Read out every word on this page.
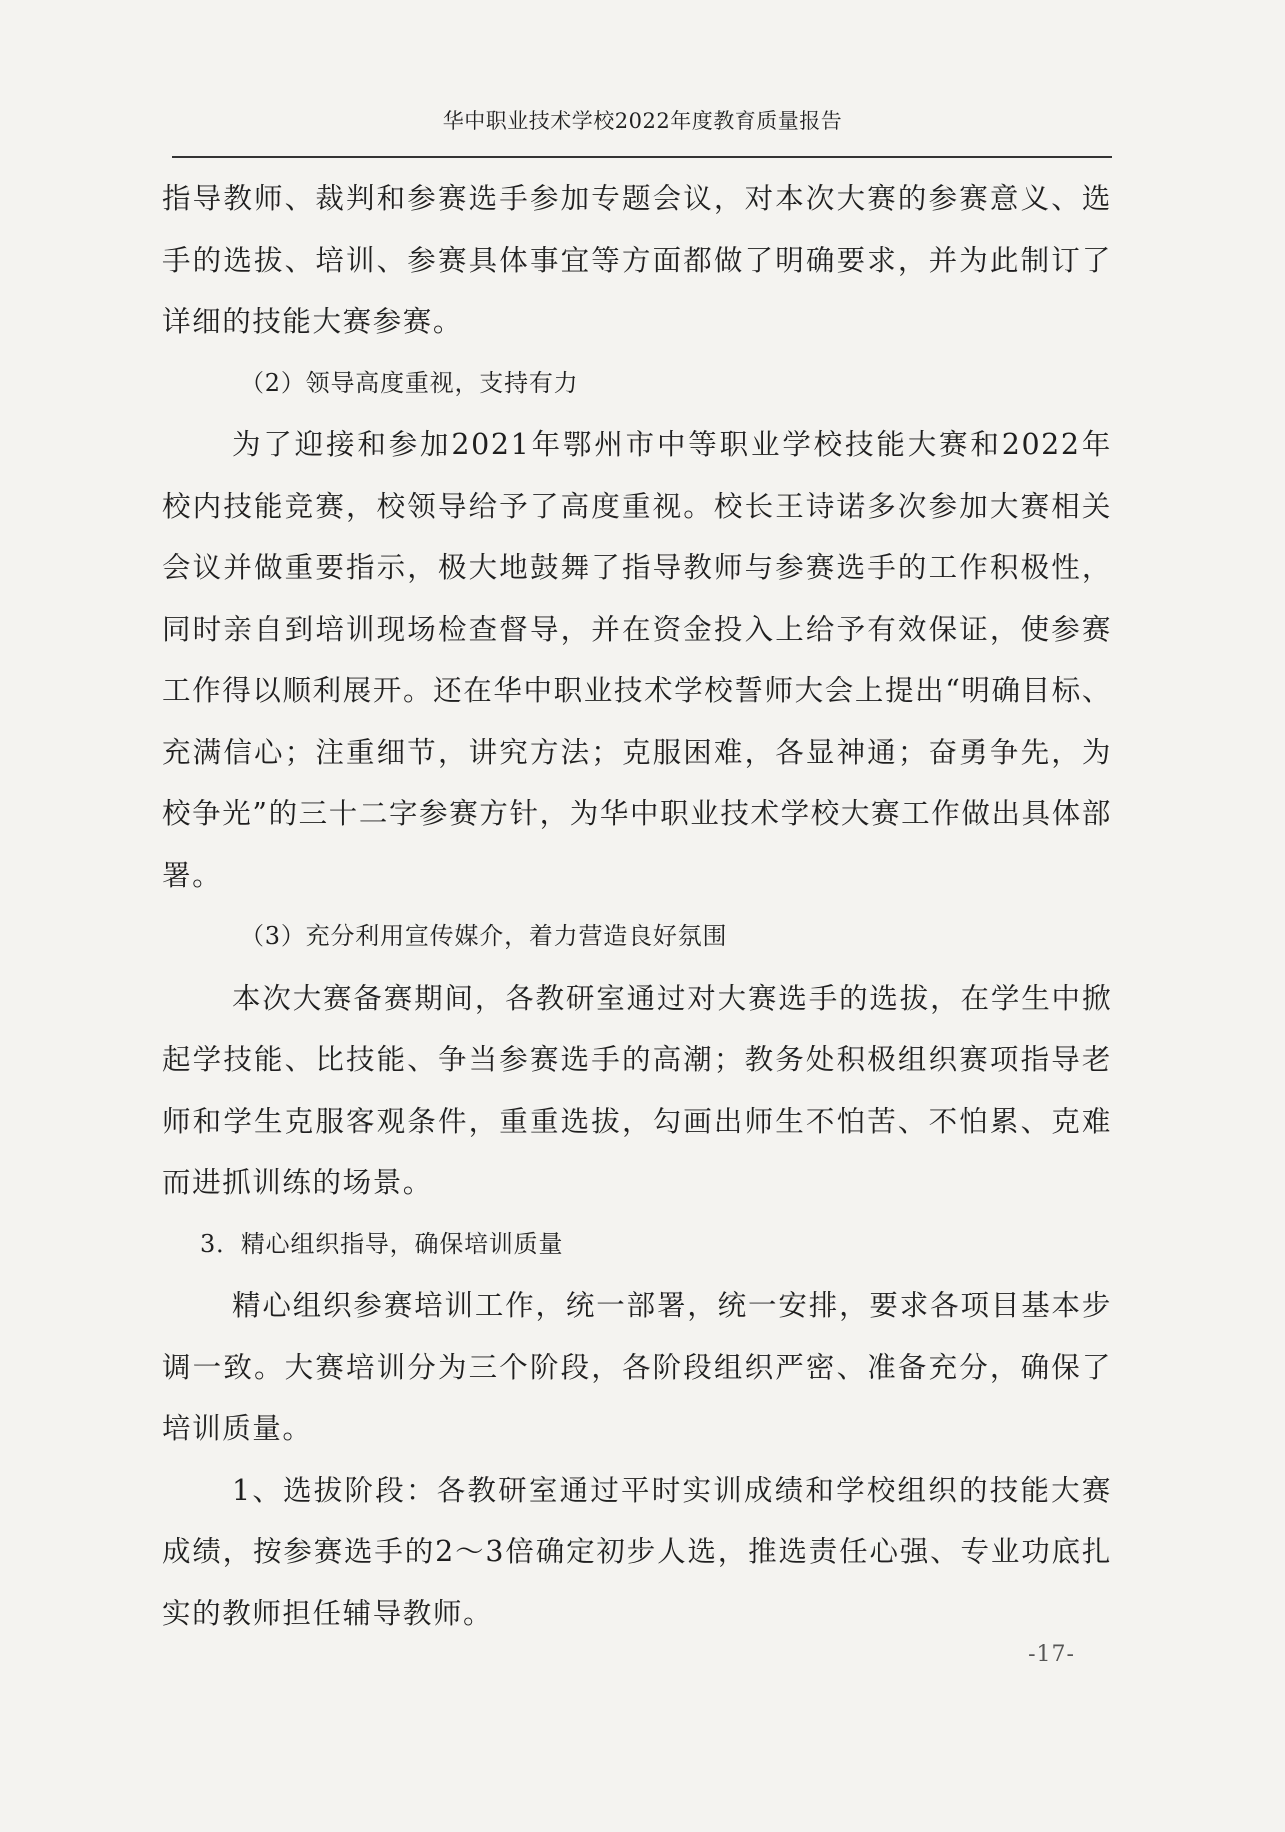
华中职业技术学校2022年度教育质量报告

指导教师、裁判和参赛选手参加专题会议，对本次大赛的参赛意义、选手的选拔、培训、参赛具体事宜等方面都做了明确要求，并为此制订了详细的技能大赛参赛。

（2）领导高度重视，支持有力

为了迎接和参加2021年鄂州市中等职业学校技能大赛和2022年校内技能竞赛，校领导给予了高度重视。校长王诗诺多次参加大赛相关会议并做重要指示，极大地鼓舞了指导教师与参赛选手的工作积极性，同时亲自到培训现场检查督导，并在资金投入上给予有效保证，使参赛工作得以顺利展开。还在华中职业技术学校誓师大会上提出“明确目标、充满信心；注重细节，讲究方法；克服困难，各显神通；奋勇争先，为校争光”的三十二字参赛方针，为华中职业技术学校大赛工作做出具体部署。

（3）充分利用宣传媒介，着力营造良好氛围

本次大赛备赛期间，各教研室通过对大赛选手的选拔，在学生中掀起学技能、比技能、争当参赛选手的高潮；教务处积极组织赛项指导老师和学生克服客观条件，重重选拔，勾画出师生不怕苦、不怕累、克难而进抓训练的场景。

3．精心组织指导，确保培训质量

精心组织参赛培训工作，统一部署，统一安排，要求各项目基本步调一致。大赛培训分为三个阶段，各阶段组织严密、准备充分，确保了培训质量。

1、选拔阶段：各教研室通过平时实训成绩和学校组织的技能大赛成绩，按参赛选手的2～3倍确定初步人选，推选责任心强、专业功底扎实的教师担任辅导教师。

-17-
